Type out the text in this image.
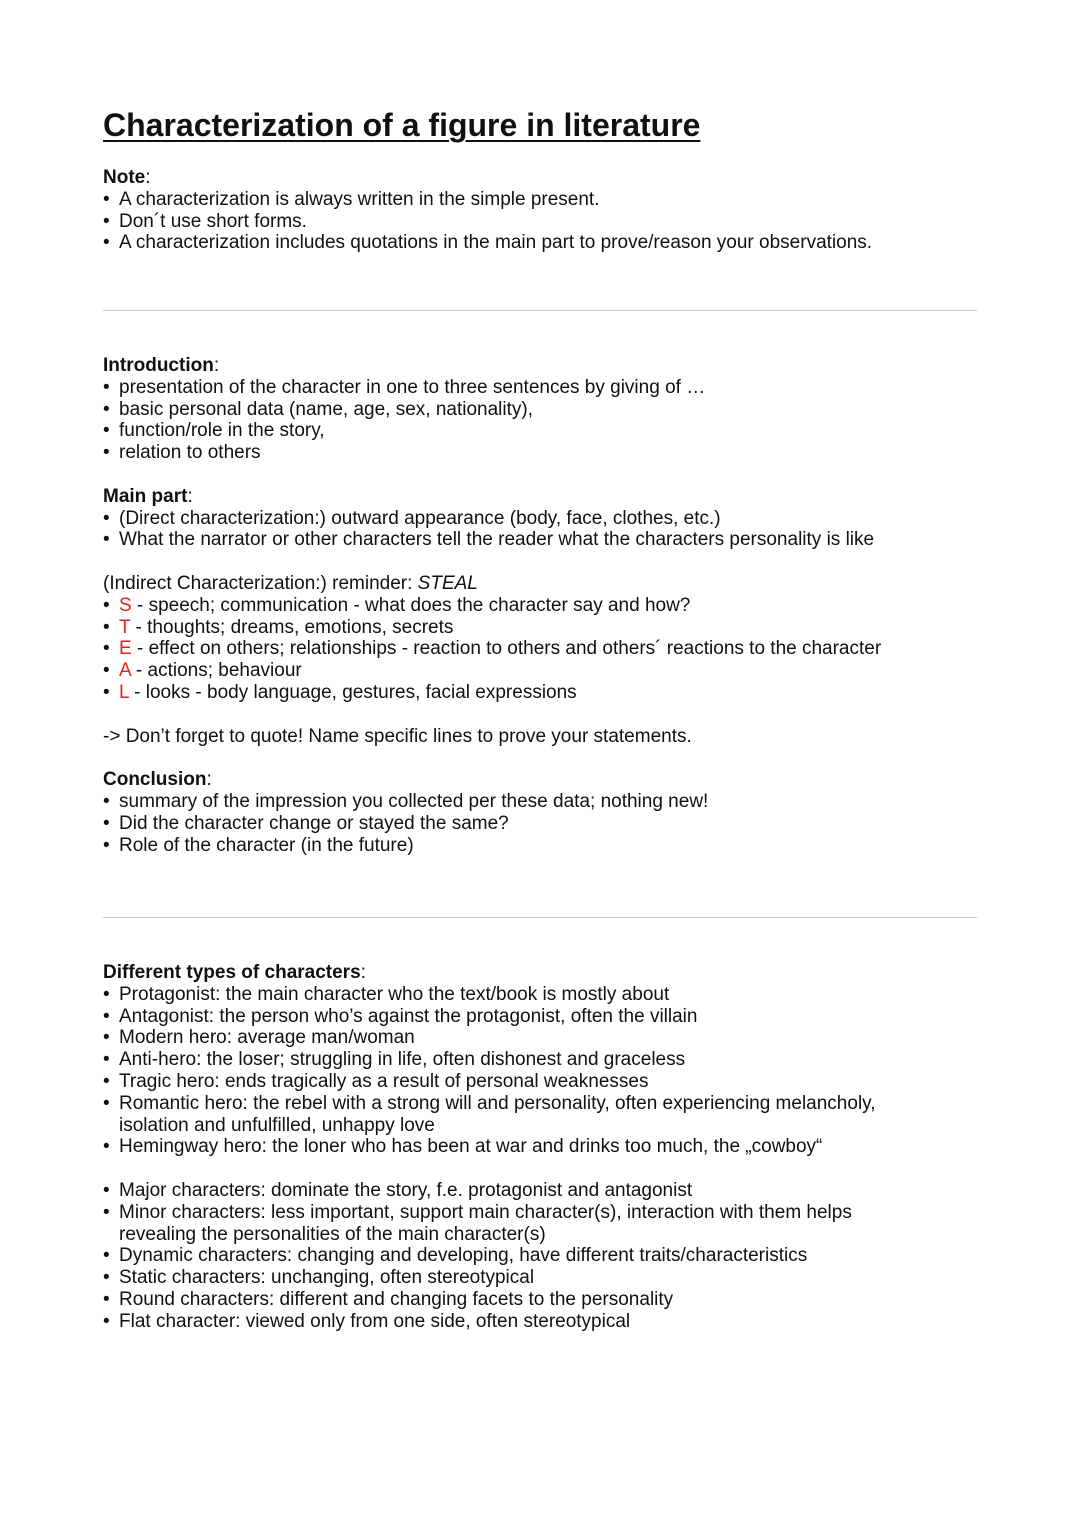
Characterization of a figure in literature
Note:
• A characterization is always written in the simple present.
• Don´t use short forms.
• A characterization includes quotations in the main part to prove/reason your observations.
Introduction:
• presentation of the character in one to three sentences by giving of …
• basic personal data (name, age, sex, nationality),
• function/role in the story,
• relation to others
Main part:
• (Direct characterization:) outward appearance (body, face, clothes, etc.)
• What the narrator or other characters tell the reader what the characters personality is like
(Indirect Characterization:) reminder: STEAL
• S - speech; communication - what does the character say and how?
• T - thoughts; dreams, emotions, secrets
• E - effect on others; relationships - reaction to others and others´ reactions to the character
• A - actions; behaviour
• L - looks - body language, gestures, facial expressions
-> Don’t forget to quote! Name specific lines to prove your statements.
Conclusion:
• summary of the impression you collected per these data; nothing new!
• Did the character change or stayed the same?
• Role of the character (in the future)
Different types of characters:
• Protagonist: the main character who the text/book is mostly about
• Antagonist: the person who’s against the protagonist, often the villain
• Modern hero: average man/woman
• Anti-hero: the loser; struggling in life, often dishonest and graceless
• Tragic hero: ends tragically as a result of personal weaknesses
• Romantic hero: the rebel with a strong will and personality, often experiencing melancholy, isolation and unfulfilled, unhappy love
• Hemingway hero: the loner who has been at war and drinks too much, the „cowboy“
• Major characters: dominate the story, f.e. protagonist and antagonist
• Minor characters: less important, support main character(s), interaction with them helps revealing the personalities of the main character(s)
• Dynamic characters: changing and developing, have different traits/characteristics
• Static characters: unchanging, often stereotypical
• Round characters: different and changing facets to the personality
• Flat character: viewed only from one side, often stereotypical
